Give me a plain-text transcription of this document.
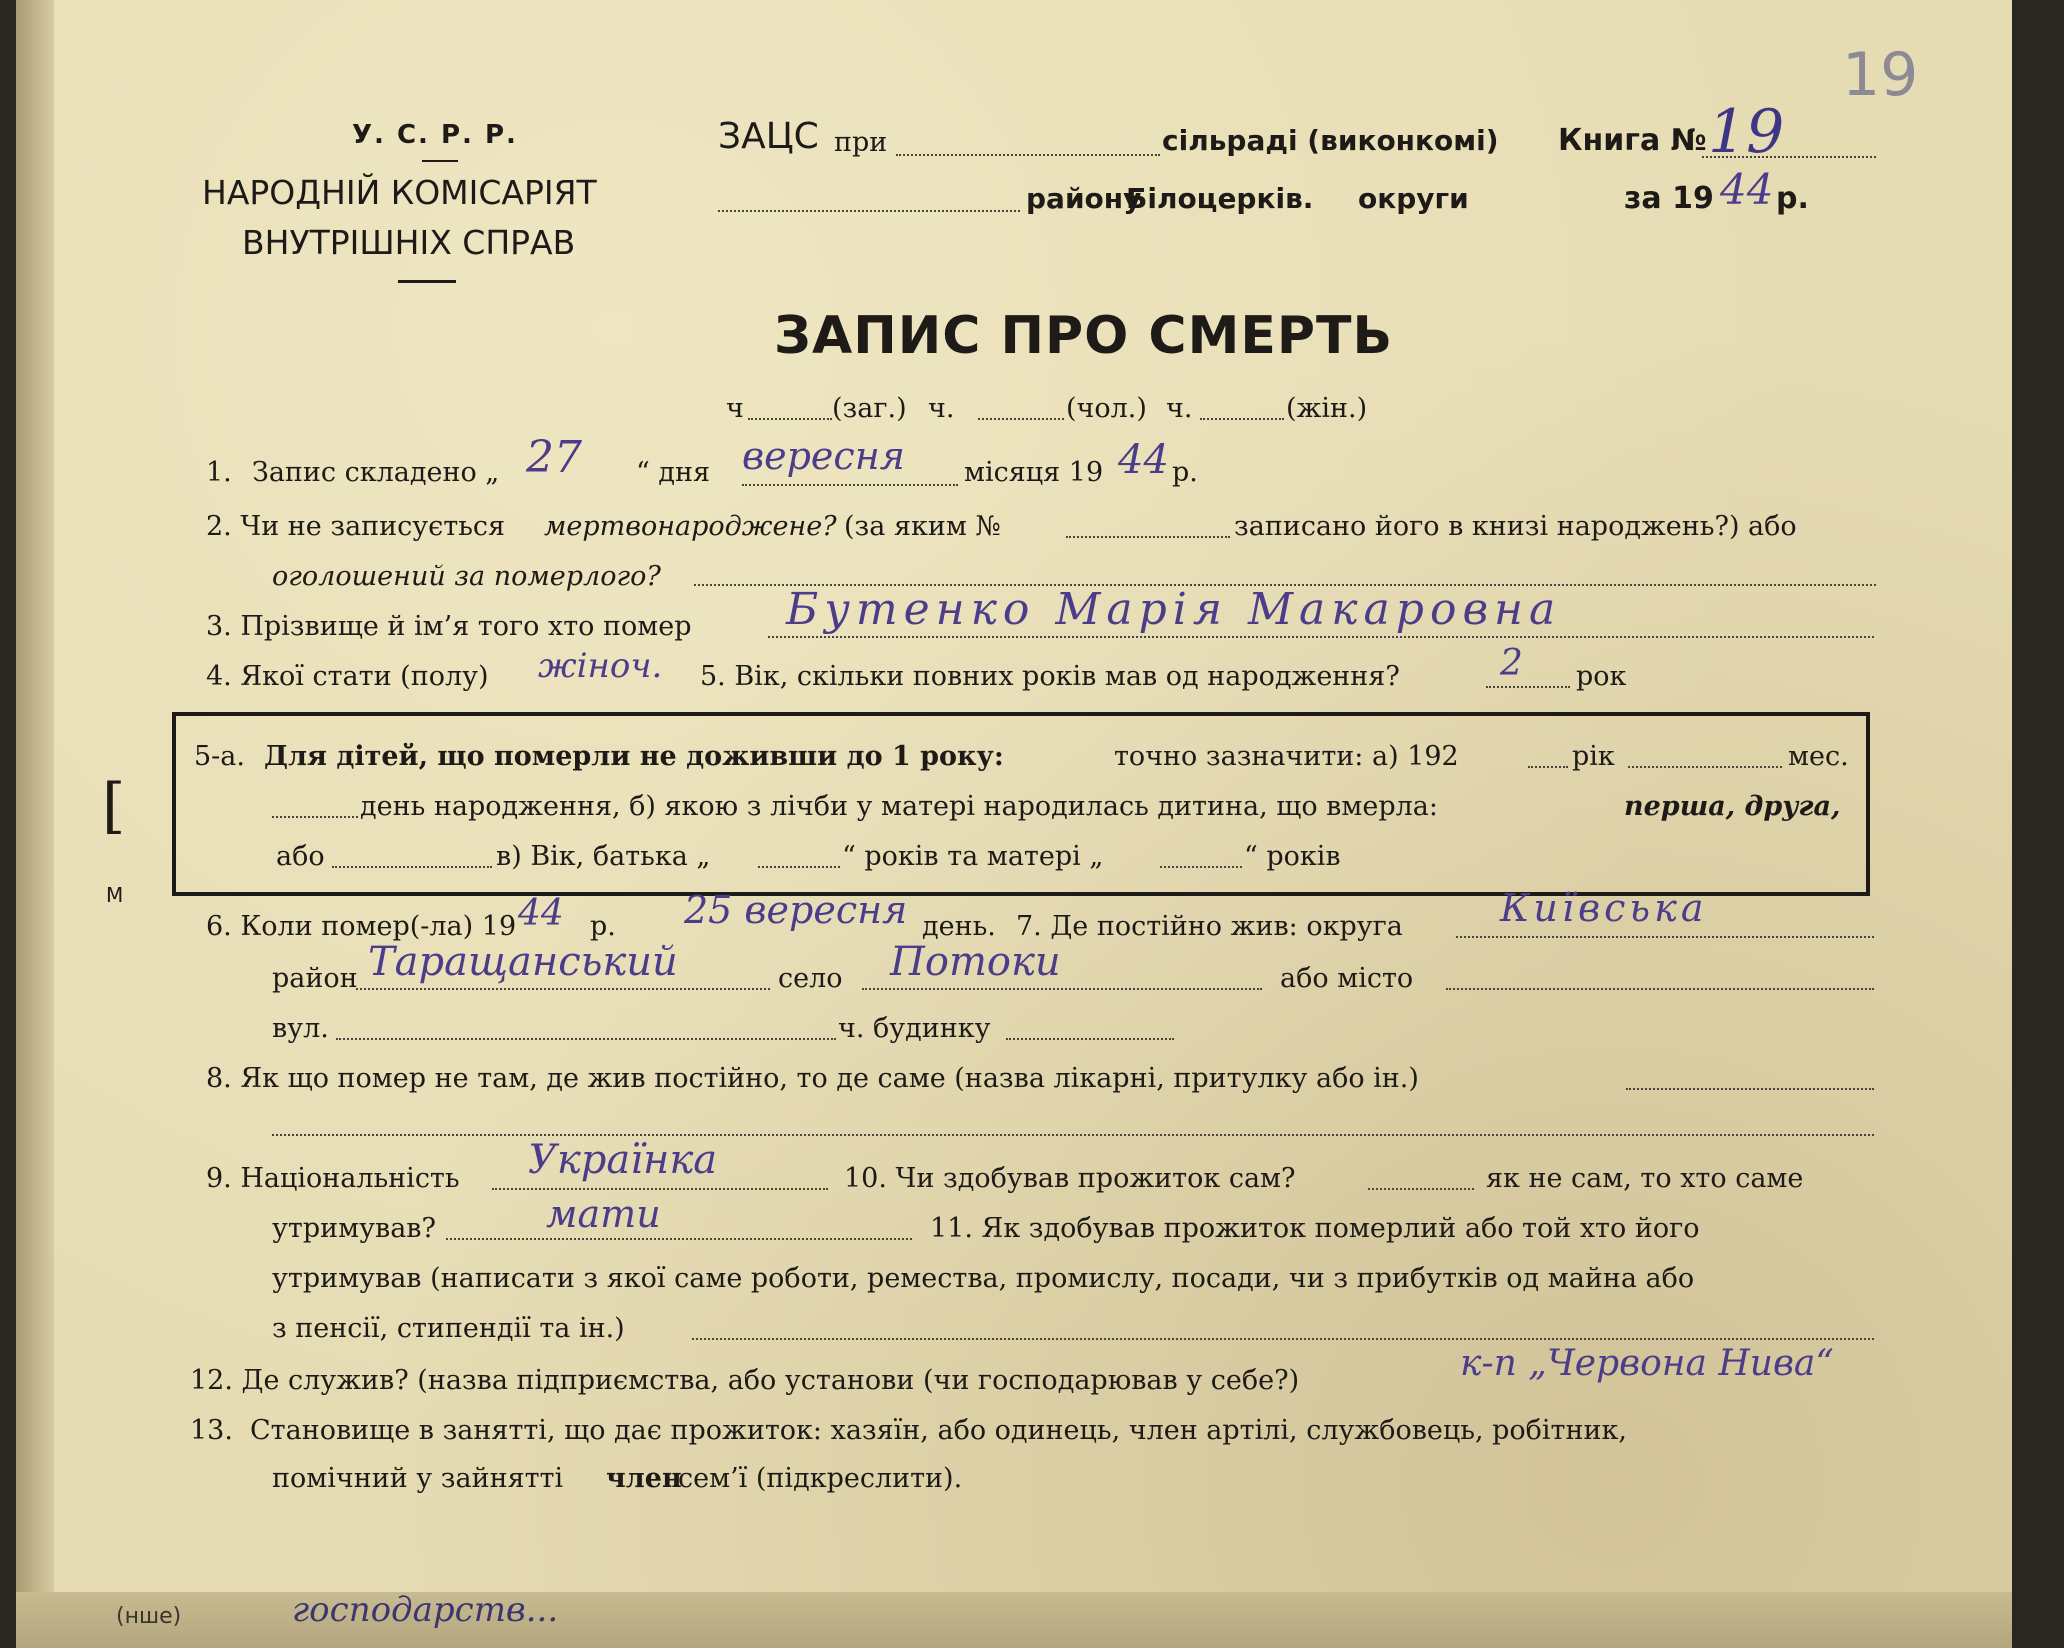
19
У. С. Р. Р.
НАРОДНІЙ КОМІСАРІЯТ
ВНУТРІШНІХ СПРАВ
ЗАЦС при	сільраді (виконкомі)
району
Білоцерків. округи
Книга № 19
за 19 44 р.
ЗАПИС ПРО СМЕРТЬ
ч	(заг.) ч.	(чол.) ч.	(жін.)
1. Запис складено „ 27 “ дня вересня місяця 19 44 р.
2. Чи не записується мертвонароджене? (за яким №	записано його в книзі народжень?) або
оголошений за померлого?
3. Прізвище й ім’я того хто помер Бутенко Марія Макаровна
4. Якої стати (полу) жіноч. 5. Вік, скільки повних років мав од народження?	2 рок
5-а. Для дітей, що померли не доживши до 1 року:	точно зазначити: а) 192	рік	мес.
день народження, б) якою з лічби у матері народилась дитина, що вмерла:	перша, друга,
або	в) Вік, батька „	“ років та матері „	“ років
[
М
6. Коли помер(-ла) 19 44 р. 25 вересня день. 7. Де постійно жив: округа	Київська
район Таращанський	село Потоки	або місто
вул.	ч. будинку
8. Як що помер не там, де жив постійно, то де саме (назва лікарні, притулку або ін.)
9. Національність Українка	10. Чи здобував прожиток сам?	як не сам, то хто саме
утримував?	мати	11. Як здобував прожиток померлий або той хто його
утримував (написати з якої саме роботи, ремества, промислу, посади, чи з прибутків од майна або
з пенсії, стипендії та ін.)
12. Де служив? (назва підприємства, або установи (чи господарював у себе?)	к-п „Червона Нива“
13. Становище в занятті, що дає прожиток: хазяїн, або одинець, член артілі, службовець, робітник,
помічний у зайнятті член
сем’ї (підкреслити).
(нше)	господарств...
